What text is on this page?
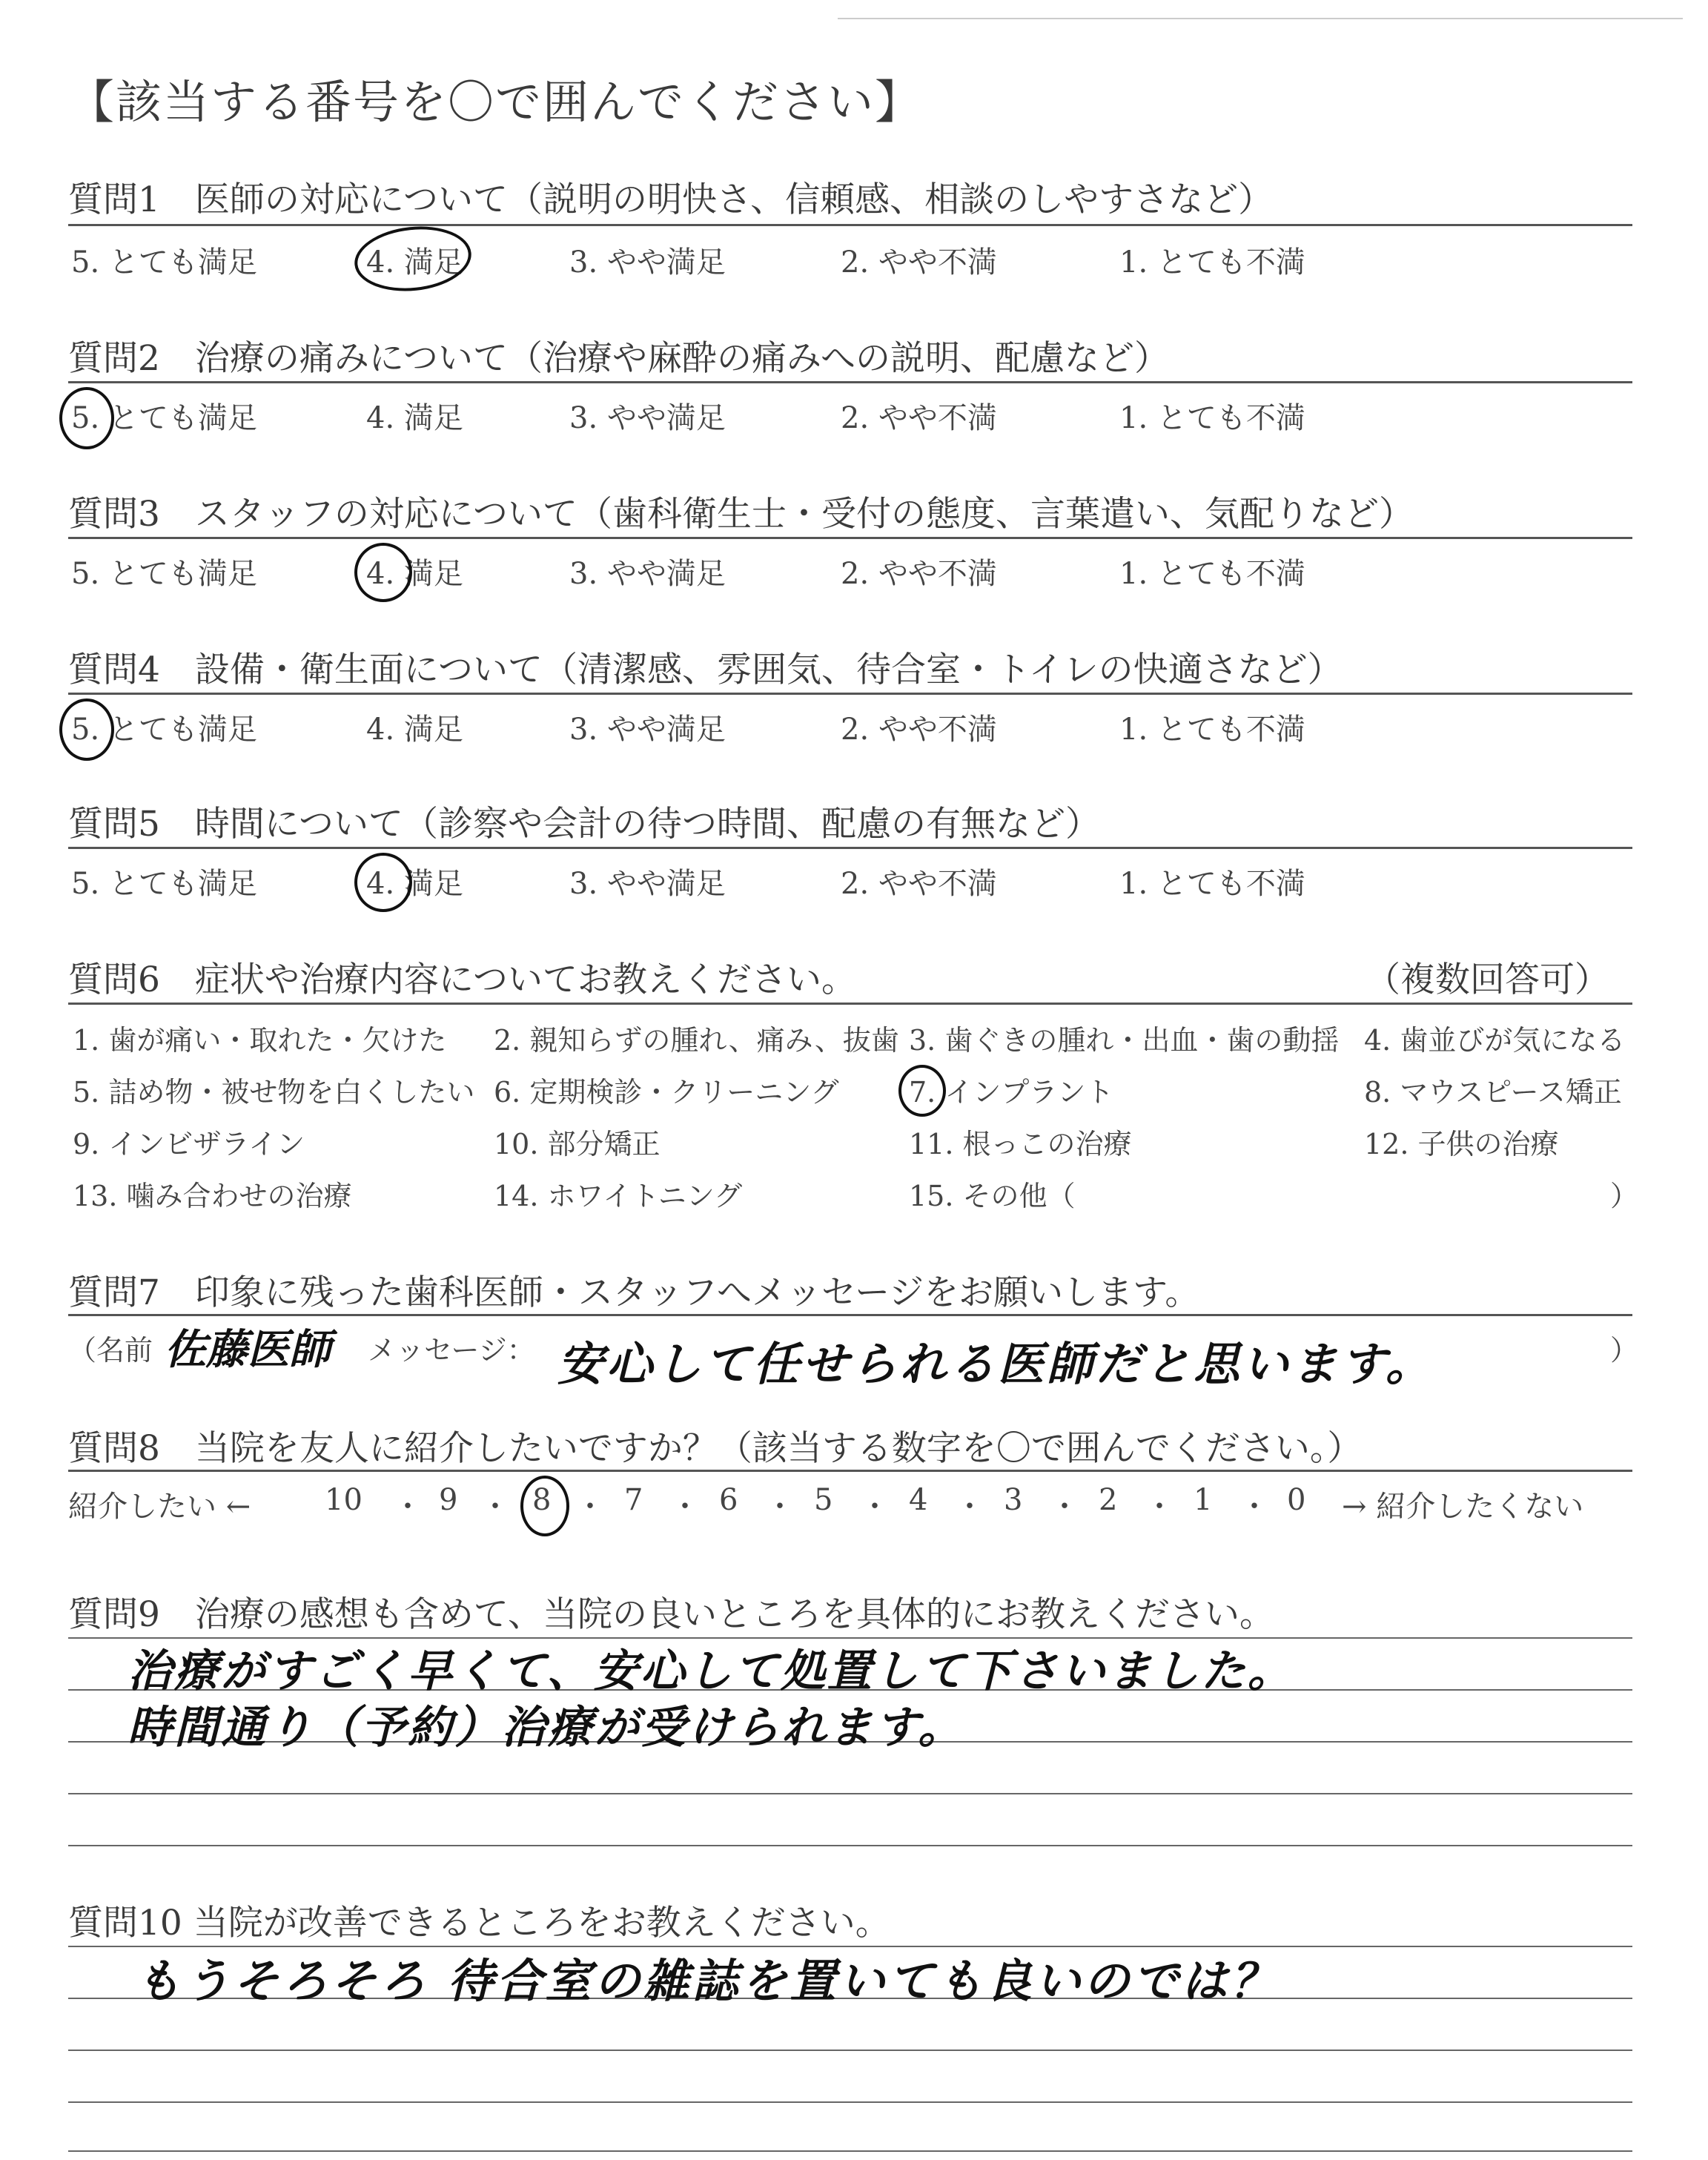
【該当する番号を〇で囲んでください】
質問1　医師の対応について（説明の明快さ、信頼感、相談のしやすさなど）
5. とても満足	4. 満足	3. やや満足	2. やや不満	1. とても不満
質問2　治療の痛みについて（治療や麻酔の痛みへの説明、配慮など）
5. とても満足	4. 満足	3. やや満足	2. やや不満	1. とても不満
質問3　スタッフの対応について（歯科衛生士・受付の態度、言葉遣い、気配りなど）
5. とても満足	4. 満足	3. やや満足	2. やや不満	1. とても不満
質問4　設備・衛生面について（清潔感、雰囲気、待合室・トイレの快適さなど）
5. とても満足	4. 満足	3. やや満足	2. やや不満	1. とても不満
質問5　時間について（診察や会計の待つ時間、配慮の有無など）
5. とても満足	4. 満足	3. やや満足	2. やや不満	1. とても不満
質問6　症状や治療内容についてお教えください。	（複数回答可）
1. 歯が痛い・取れた・欠けた 2. 親知らずの腫れ、痛み、抜歯 3. 歯ぐきの腫れ・出血・歯の動揺 4. 歯並びが気になる
5. 詰め物・被せ物を白くしたい 6. 定期検診・クリーニング 7. インプラント	8. マウスピース矯正
9. インビザライン	10. 部分矯正	11. 根っこの治療	12. 子供の治療
13. 噛み合わせの治療	14. ホワイトニング	15. その他（	）
質問7　印象に残った歯科医師・スタッフへメッセージをお願いします。
（名前 佐藤医師 メッセージ： 安心して任せられる医師だと思います。	）
質問8　当院を友人に紹介したいですか？（該当する数字を〇で囲んでください。）
紹介したい ← 10 ・ 9 ・ 8 ・ 7 ・ 6 ・ 5 ・ 4 ・ 3 ・ 2 ・ 1 ・ 0 → 紹介したくない
質問9　治療の感想も含めて、当院の良いところを具体的にお教えください。
治療がすごく早くて、安心して処置して下さいました。
時間通り（予約）治療が受けられます。
質問10 当院が改善できるところをお教えください。
もうそろそろ 待合室の雑誌を置いても良いのでは？
